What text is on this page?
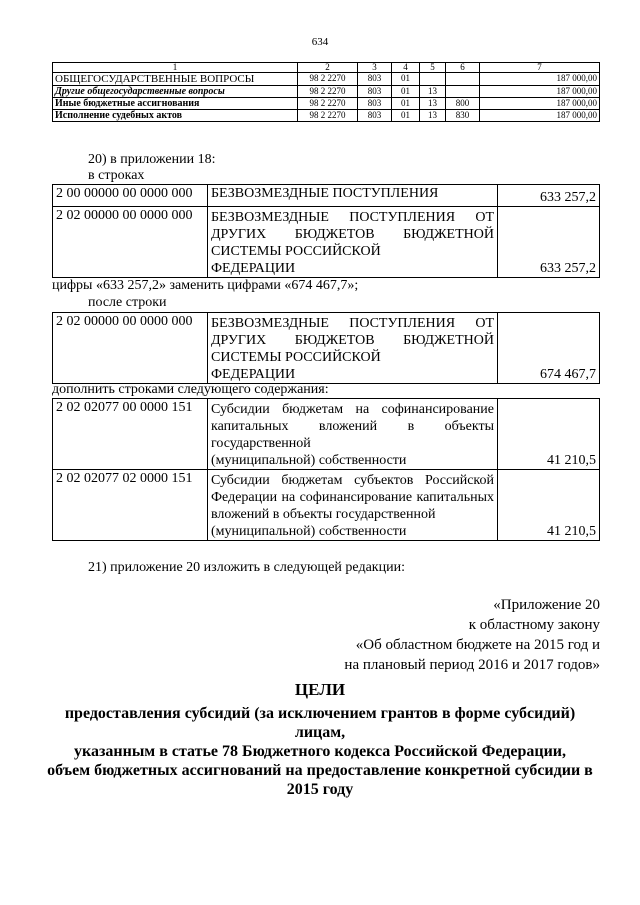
634
1	2	3	4	5	6	7
ОБЩЕГОСУДАРСТВЕННЫЕ ВОПРОСЫ	98 2 2270	803	01			187 000,00
Другие общегосударственные вопросы	98 2 2270	803	01	13		187 000,00
Иные бюджетные ассигнования	98 2 2270	803	01	13	800	187 000,00
Исполнение судебных актов	98 2 2270	803	01	13	830	187 000,00
20) в приложении 18:
в строках
2 00 00000 00 0000 000	БЕЗВОЗМЕЗДНЫЕ ПОСТУПЛЕНИЯ	633 257,2
2 02 00000 00 0000 000	БЕЗВОЗМЕЗДНЫЕ ПОСТУПЛЕНИЯ ОТ ДРУГИХ БЮДЖЕТОВ БЮДЖЕТНОЙ СИСТЕМЫ РОССИЙСКОЙ
ФЕДЕРАЦИИ	633 257,2
цифры «633 257,2» заменить цифрами «674 467,7»;
после строки
2 02 00000 00 0000 000	БЕЗВОЗМЕЗДНЫЕ ПОСТУПЛЕНИЯ ОТ ДРУГИХ БЮДЖЕТОВ БЮДЖЕТНОЙ СИСТЕМЫ РОССИЙСКОЙ
ФЕДЕРАЦИИ	674 467,7
дополнить строками следующего содержания:
2 02 02077 00 0000 151	Субсидии бюджетам на софинансирование капитальных вложений в объекты государственной
(муниципальной) собственности	41 210,5
2 02 02077 02 0000 151	Субсидии бюджетам субъектов Российской Федерации на софинансирование капитальных вложений в объекты государственной
(муниципальной) собственности	41 210,5
21) приложение 20 изложить в следующей редакции:
«Приложение 20
к областному закону
«Об областном бюджете на 2015 год и
на плановый период 2016 и 2017 годов»
ЦЕЛИ
предоставления субсидий (за исключением грантов в форме субсидий) лицам,
указанным в статье 78 Бюджетного кодекса Российской Федерации,
объем бюджетных ассигнований на предоставление конкретной субсидии в
2015 году
